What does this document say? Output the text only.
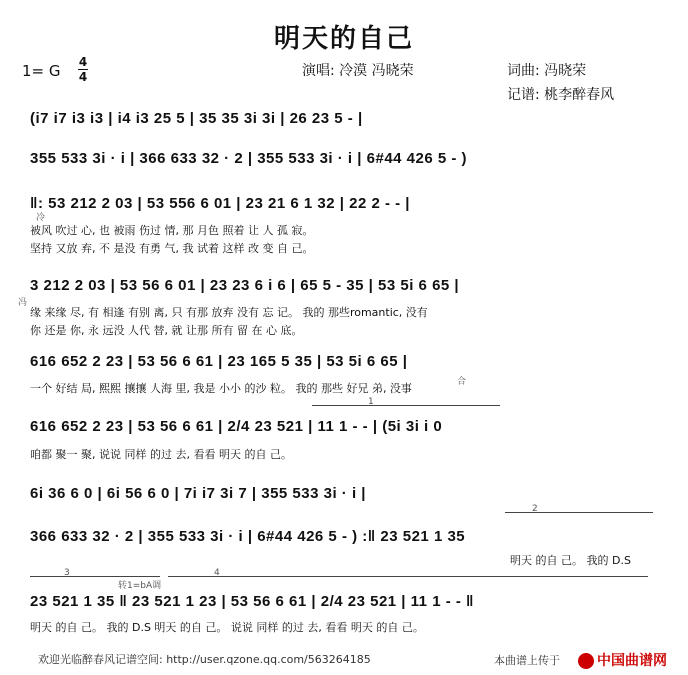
明天的自己
1= G 4
4	演唱: 冷漠 冯晓荣	词曲: 冯晓荣
记谱: 桃李醉春风
(i7 i7 i3 i3 | i4 i3 25 5 | 35 35 3i 3i | 26 23 5 - |
355 533 3i · i | 366 633 32 · 2 | 355 533 3i · i | 6#44 426 5 - )
‖: 53 212 2 03 | 53 556 6 01 | 23 21 6 1 32 | 22 2 - - |
被风 吹过 心, 也 被雨 伤过 情, 那 月色 照着 让 人 孤 寂。
坚持 又放 弃, 不 是没 有勇 气, 我 试着 这样 改 变 自 己。
冷
3 212 2 03 | 53 56 6 01 | 23 23 6 i 6 | 65 5 - 35 | 53 5i 6 65 |
缘 来缘 尽, 有 相逢 有别 离, 只 有那 放弃 没有 忘 记。 我的 那些romantic, 没有
你 还是 你, 永 远没 人代 替, 就 让那 所有 留 在 心 底。
冯
616 652 2 23 | 53 56 6 61 | 23 165 5 35 | 53 5i 6 65 |
一个 好结 局, 熙熙 攘攘 人海 里, 我是 小小 的沙 粒。 我的 那些 好兄 弟, 没事	合
1
616 652 2 23 | 53 56 6 61 | 2/4 23 521 | 11 1 - - | (5i 3i i 0
咱都 聚一 聚, 说说 同样 的过 去, 看看 明天 的自 己。
6i 36 6 0 | 6i 56 6 0 | 7i i7 3i 7 | 355 533 3i · i |
2
366 633 32 · 2 | 355 533 3i · i | 6#44 426 5 - ) :‖ 23 521 1 35
明天 的自 己。 我的 D.S
3	4
转1=bA调
23 521 1 35 ‖ 23 521 1 23 | 53 56 6 61 | 2/4 23 521 | 11 1 - - ‖
明天 的自 己。 我的 D.S 明天 的自 己。 说说 同样 的过 去, 看看 明天 的自 己。
欢迎光临醉春风记谱空间: http://user.qzone.qq.com/563264185	本曲谱上传于	中国曲谱网
